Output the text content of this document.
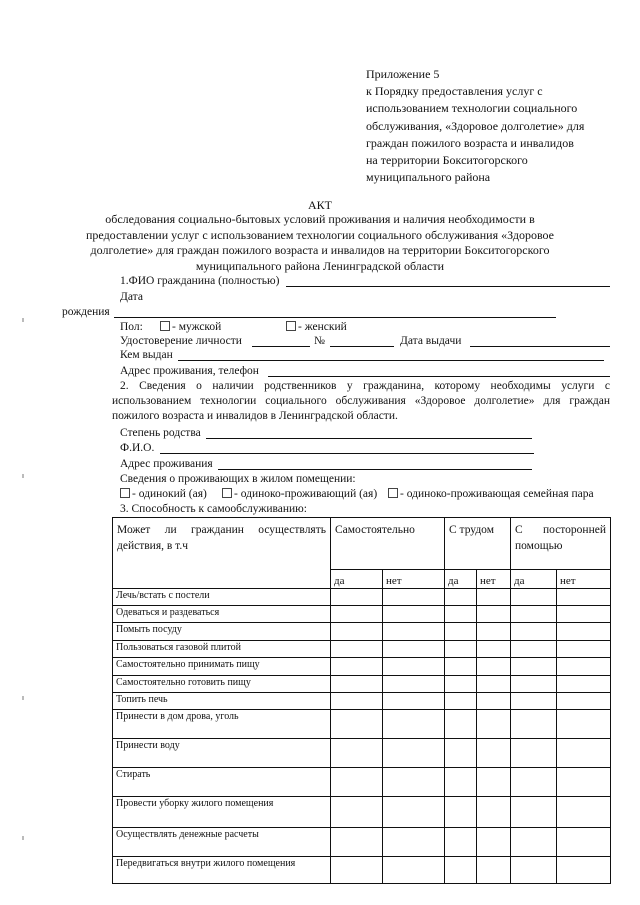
Приложение 5
к Порядку предоставления услуг с
использованием технологии социального
обслуживания, «Здоровое долголетие» для
граждан пожилого возраста и инвалидов
на территории Бокситогорского
муниципального района
АКТ
обследования социально-бытовых условий проживания и наличия необходимости в
предоставлении услуг с использованием технологии социального обслуживания «Здоровое
долголетие» для граждан пожилого возраста и инвалидов на территории Бокситогорского
муниципального района Ленинградской области
1.ФИО гражданина (полностью)
Дата
рождения
Пол:	- мужской	- женский
Удостоверение личности	№	Дата выдачи
Кем выдан
Адрес проживания, телефон
2. Сведения о наличии родственников у гражданина, которому необходимы услуги с
использованием технологии социального обслуживания «Здоровое долголетие» для граждан
пожилого возраста и инвалидов в Ленинградской области.
Степень родства
Ф.И.О.
Адрес проживания
Сведения о проживающих в жилом помещении:
- одинокий (ая)	- одиноко-проживающий (ая)	- одиноко-проживающая семейная пара
3. Способность к самообслуживанию:
Может ли гражданин осуществлять действия, в т.ч	Самостоятельно		С трудом		С посторонней помощью	

	да	нет	да	нет	да	нет
Лечь/встать с постели						
Одеваться и раздеваться						
Помыть посуду						
Пользоваться газовой плитой						
Самостоятельно принимать пищу						
Самостоятельно готовить пищу						
Топить печь						
Принести в дом дрова, уголь						
Принести воду						
Стирать						
Провести уборку жилого помещения						
Осуществлять денежные расчеты						
Передвигаться внутри жилого помещения						
